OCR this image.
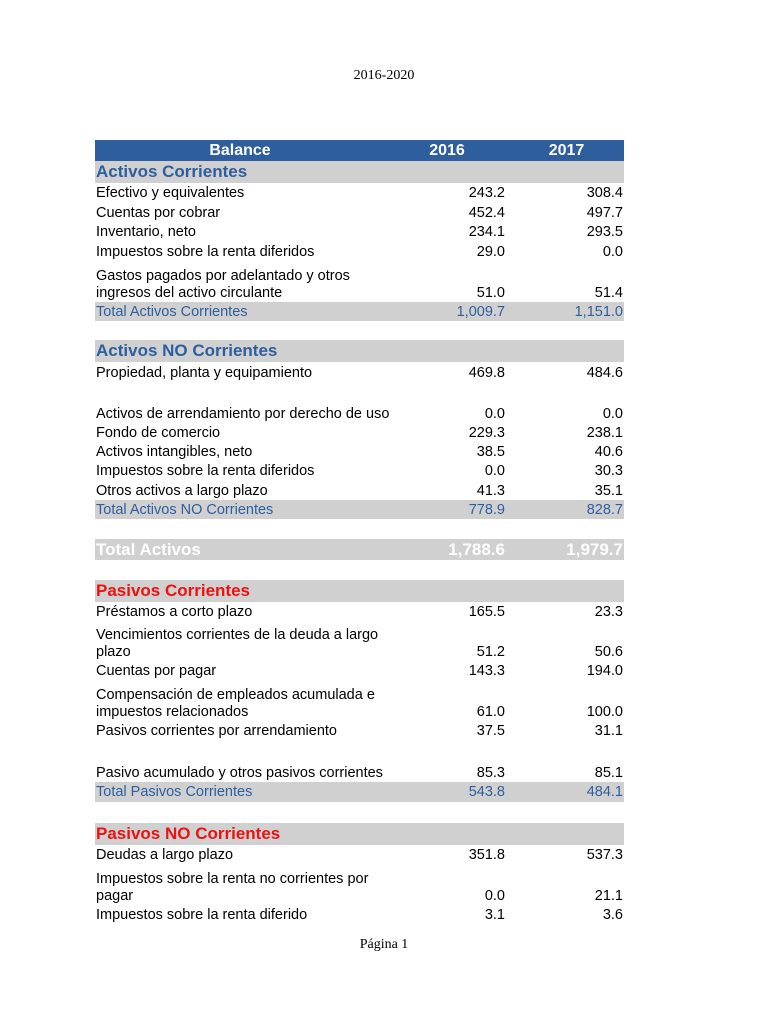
2016-2020
Balance	2016	2017
Activos Corrientes
Efectivo y equivalentes	243.2	308.4
Cuentas por cobrar	452.4	497.7
Inventario, neto	234.1	293.5
Impuestos sobre la renta diferidos	29.0	0.0
Gastos pagados por adelantado y otros ingresos del activo circulante	51.0	51.4
Total Activos Corrientes	1,009.7	1,151.0
Activos NO Corrientes
Propiedad, planta y equipamiento	469.8	484.6
Activos de arrendamiento por derecho de uso	0.0	0.0
Fondo de comercio	229.3	238.1
Activos intangibles, neto	38.5	40.6
Impuestos sobre la renta diferidos	0.0	30.3
Otros activos a largo plazo	41.3	35.1
Total Activos NO Corrientes	778.9	828.7
Total Activos	1,788.6	1,979.7
Pasivos Corrientes
Préstamos a corto plazo	165.5	23.3
Vencimientos corrientes de la deuda a largo plazo	51.2	50.6
Cuentas por pagar	143.3	194.0
Compensación de empleados acumulada e impuestos relacionados	61.0	100.0
Pasivos corrientes por arrendamiento	37.5	31.1
Pasivo acumulado y otros pasivos corrientes	85.3	85.1
Total Pasivos Corrientes	543.8	484.1
Pasivos NO Corrientes
Deudas a largo plazo	351.8	537.3
Impuestos sobre la renta no corrientes por pagar	0.0	21.1
Impuestos sobre la renta diferido	3.1	3.6
Página 1
